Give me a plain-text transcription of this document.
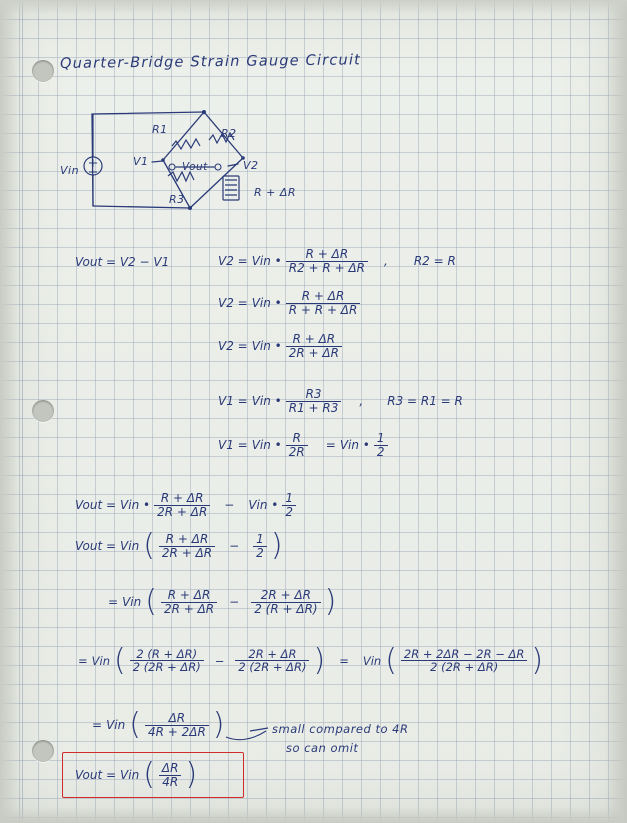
Quarter-Bridge Strain Gauge Circuit
Vin
R1	R2
R3
R + ΔR
V1	V2
Vout
Vout = V2 − V1	V2 = Vin • $\frac{R + \Delta R}{R2 + R + \Delta R}$	,	R2 = R
V2 = Vin • $\frac{R + \Delta R}{R + R + \Delta R}$
V2 = Vin • $\frac{R + \Delta R}{2R + \Delta R}$
V1 = Vin • $\frac{R3}{R1 + R3}$	,	R3 = R1 = R
V1 = Vin • $\frac{R}{2R}$	= Vin • $\frac{1}{2}$
Vout = Vin • $\frac{R + \Delta R}{2R + \Delta R}$	−	Vin • $\frac{1}{2}$
Vout = Vin ( $\frac{R + \Delta R}{2R + \Delta R}$	−	$\frac{1}{2}$ )
= Vin ( $\frac{R + \Delta R}{2R + \Delta R}$	−	$\frac{2R + \Delta R}{2 (R + \Delta R)}$ )
= Vin ( $\frac{2 (R + \Delta R)}{2 (2R + \Delta R)} - \frac{2R + \Delta R}{2 (2R + \Delta R)}$ )	=	Vin ( $\frac{2R + 2\Delta R - 2R - \Delta R}{2 (2R + \Delta R)}$ )
= Vin ( $\frac{\Delta R}{4R + 2\Delta R}$ )	small compared to 4R
so can omit
Vout = Vin ( $\frac{\Delta R}{4R}$ )
